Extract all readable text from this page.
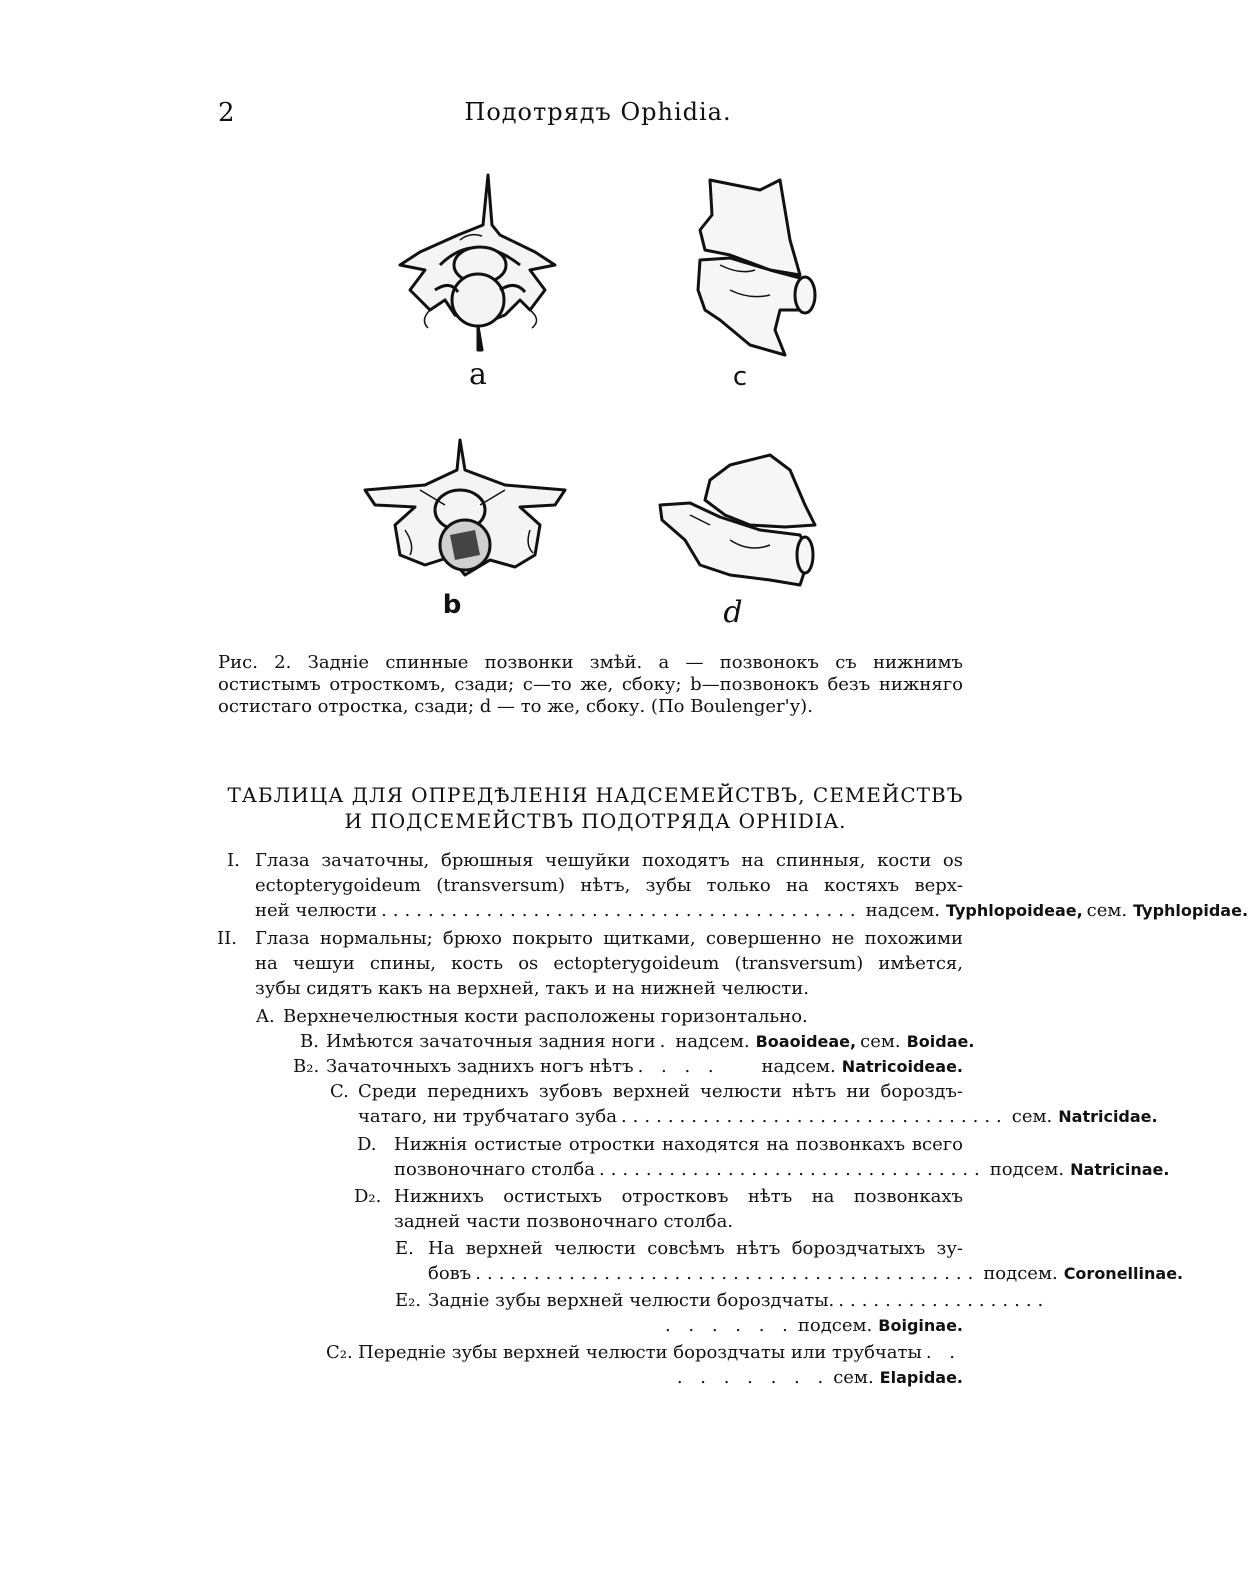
2	Подотрядъ Ophidia.
a	c
b	d

Рис. 2. Задніе спинные позвонки змѣй. a — позвонокъ съ нижнимъ остистымъ отросткомъ, сзади; c—то же, сбоку; b—позвонокъ безъ нижняго остистаго отростка, сзади; d — то же, сбоку. (По Boulenger'у).

ТАБЛИЦА ДЛЯ ОПРЕДѢЛЕНІЯ НАДСЕМЕЙСТВЪ, СЕМЕЙСТВЪ
И ПОДСЕМЕЙСТВЪ ПОДОТРЯДА OPHIDIA.
I. Глаза зачаточны, брюшныя чешуйки походятъ на спинныя, кости os
ectopterygoideum (transversum) нѣтъ, зубы только на костяхъ верх-
ней челюсти ......................................... надсем. Typhlopoideae, сем. Typhlopidae.
II. Глаза нормальны; брюхо покрыто щитками, совершенно не похожими
на чешуи спины, кость os ectopterygoideum (transversum) имѣется,
зубы сидятъ какъ на верхней, такъ и на нижней челюсти.
A. Верхнечелюстныя кости расположены горизонтально.
B. Имѣются зачаточныя задния ноги . надсем. Boaoideae, сем. Boidae.
B₂. Зачаточныхъ заднихъ ногъ нѣтъ . . . .	надсем. Natricoideae.
C. Среди переднихъ зубовъ верхней челюсти нѣтъ ни бороздъ-
чатаго, ни трубчатаго зуба ................................. сем. Natricidae.
D. Нижнія остистые отростки находятся на позвонкахъ всего
позвоночнаго столба ................................. подсем. Natricinae.
D₂. Нижнихъ остистыхъ отростковъ нѣтъ на позвонкахъ
задней части позвоночнаго столба.
E. На верхней челюсти совсѣмъ нѣтъ бороздчатыхъ зу-
бовъ ........................................... подсем. Coronellinae.
E₂. Задніе зубы верхней челюсти бороздчаты. ..................
. . . . . . подсем. Boiginae.
C₂. Передніе зубы верхней челюсти бороздчаты или трубчаты . .
. . . . . . . сем. Elapidae.
